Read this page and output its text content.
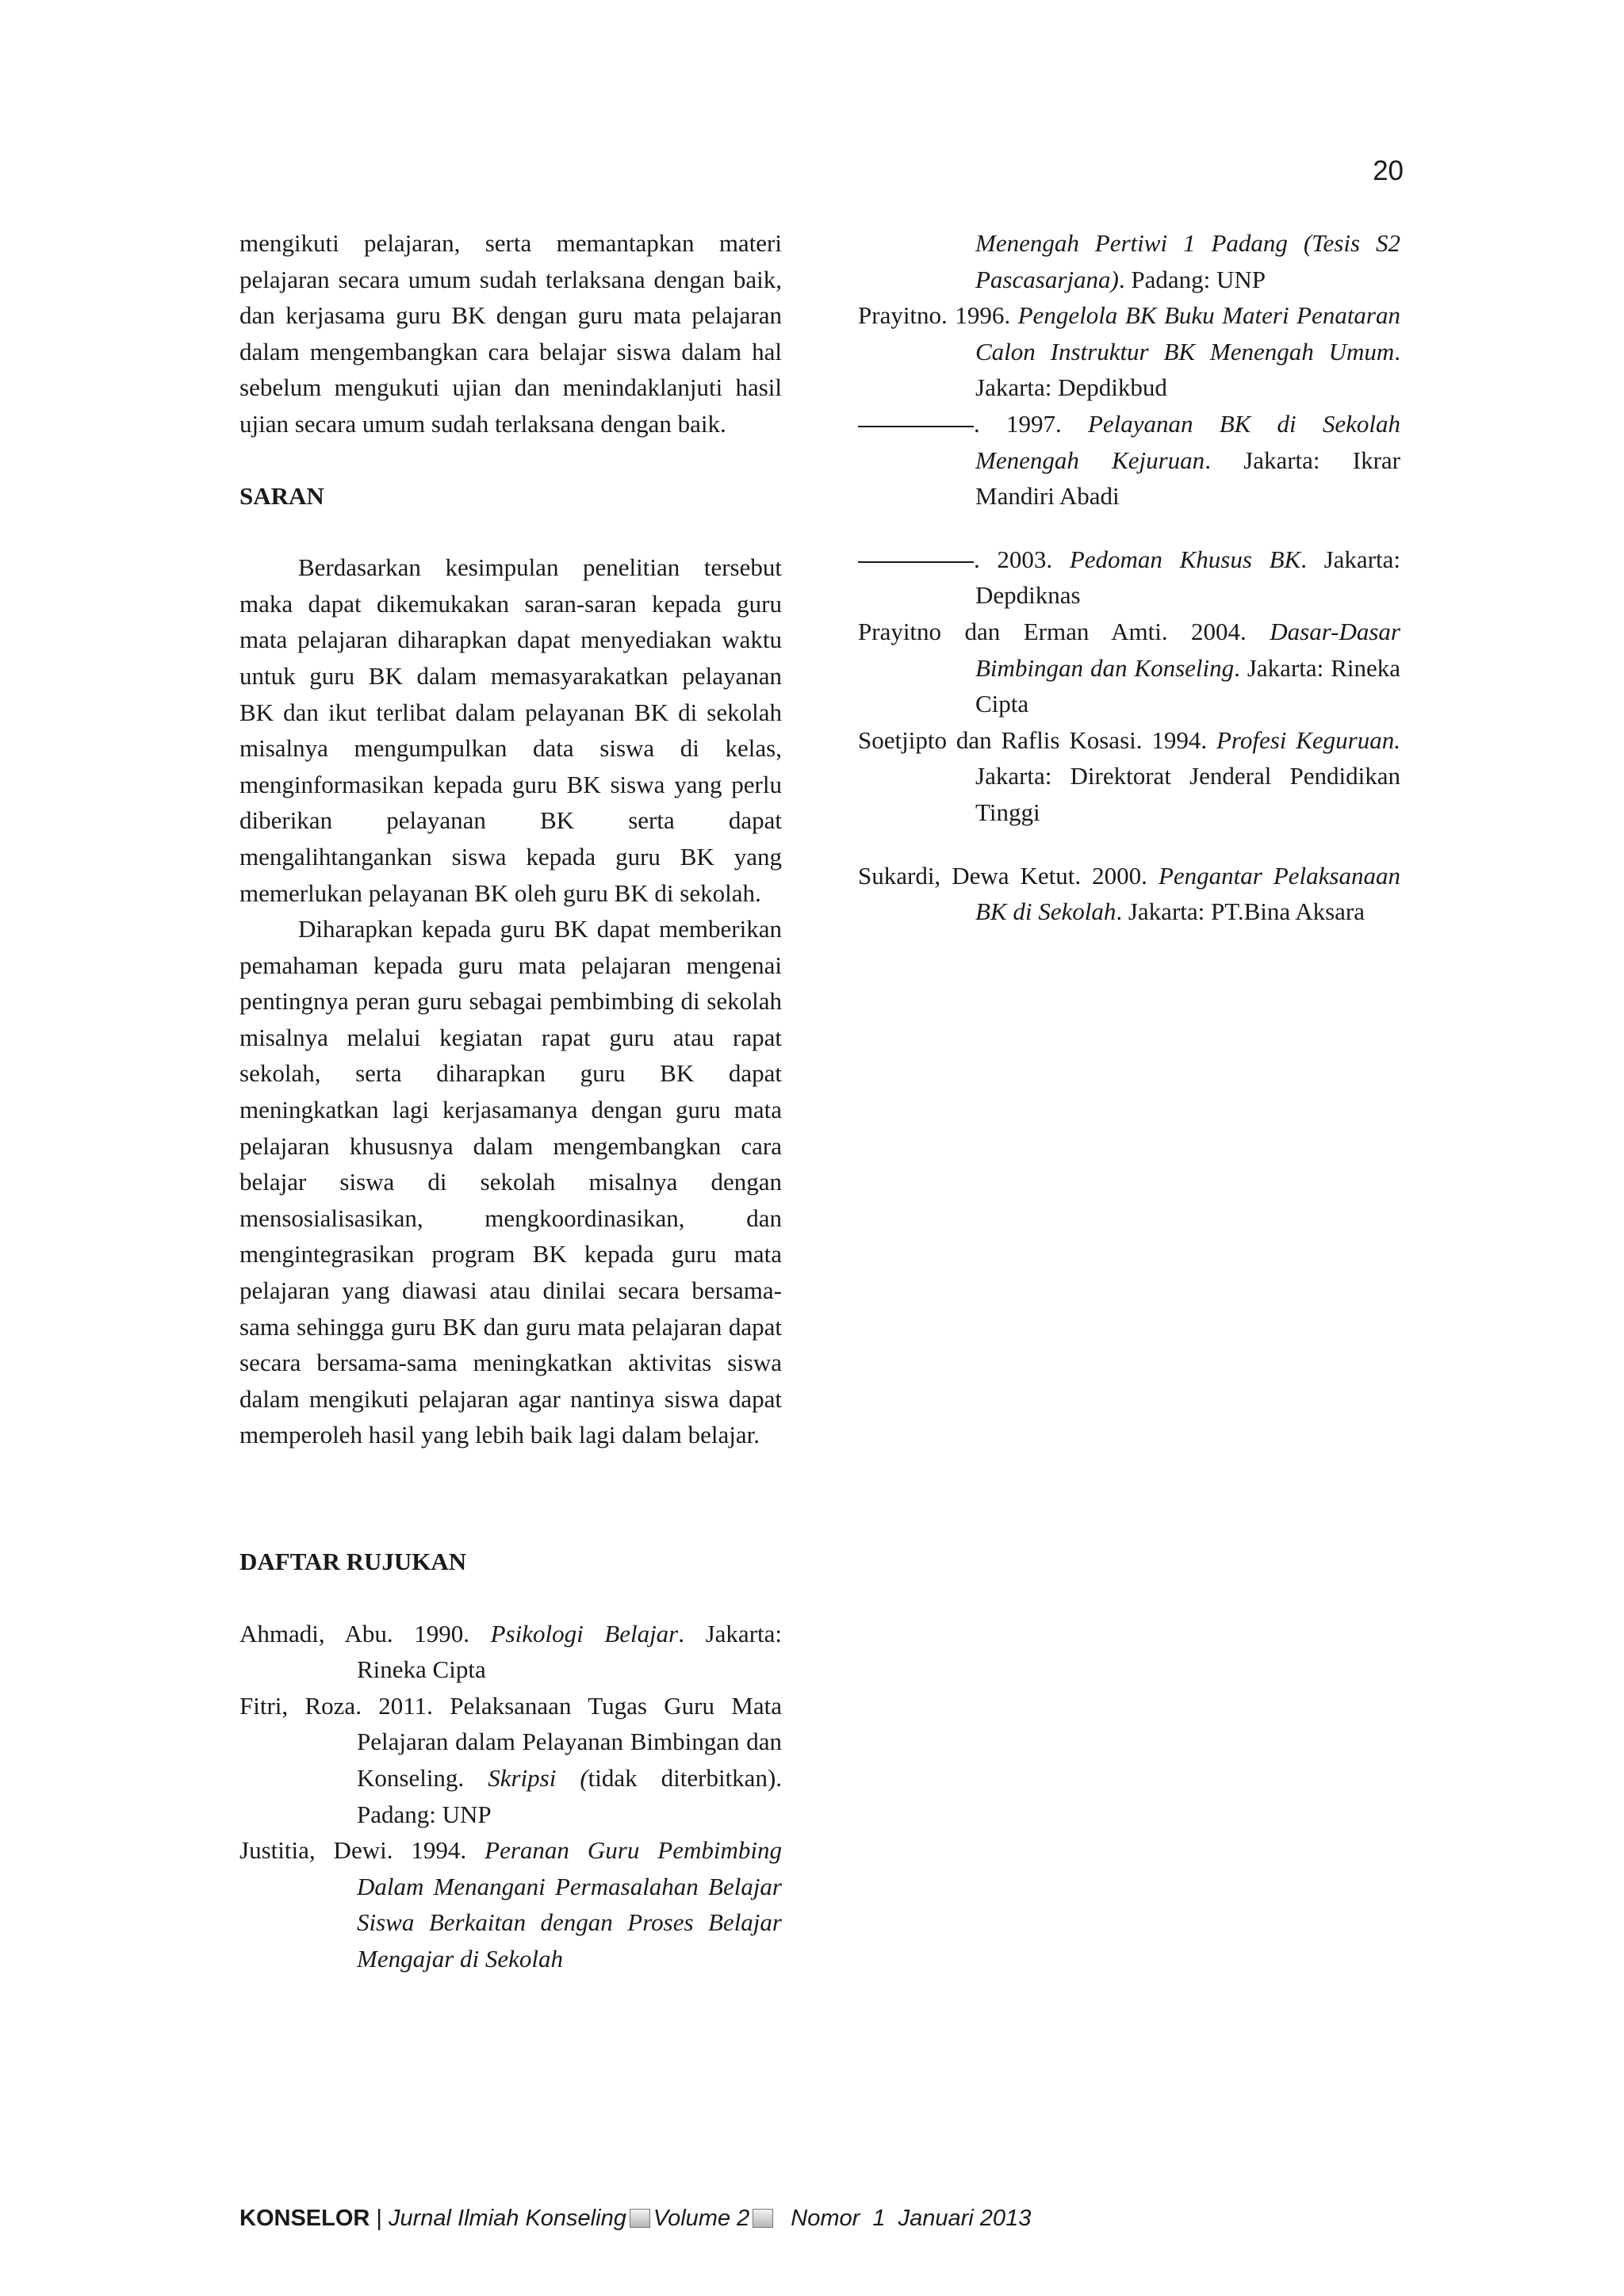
20

mengikuti pelajaran, serta memantapkan materi pelajaran secara umum sudah terlaksana dengan baik, dan kerjasama guru BK dengan guru mata pelajaran dalam mengembangkan cara belajar siswa dalam hal sebelum mengukuti ujian dan menindaklanjuti hasil ujian secara umum sudah terlaksana dengan baik.

SARAN

Berdasarkan kesimpulan penelitian tersebut maka dapat dikemukakan saran-saran kepada guru mata pelajaran diharapkan dapat menyediakan waktu untuk guru BK dalam memasyarakatkan pelayanan BK dan ikut terlibat dalam pelayanan BK di sekolah misalnya mengumpulkan data siswa di kelas, menginformasikan kepada guru BK siswa yang perlu diberikan pelayanan BK serta dapat mengalihtangankan siswa kepada guru BK yang memerlukan pelayanan BK oleh guru BK di sekolah.

Diharapkan kepada guru BK dapat memberikan pemahaman kepada guru mata pelajaran mengenai pentingnya peran guru sebagai pembimbing di sekolah misalnya melalui kegiatan rapat guru atau rapat sekolah, serta diharapkan guru BK dapat meningkatkan lagi kerjasamanya dengan guru mata pelajaran khususnya dalam mengembangkan cara belajar siswa di sekolah misalnya dengan mensosialisasikan, mengkoordinasikan, dan mengintegrasikan program BK kepada guru mata pelajaran yang diawasi atau dinilai secara bersama-sama sehingga guru BK dan guru mata pelajaran dapat secara bersama-sama meningkatkan aktivitas siswa dalam mengikuti pelajaran agar nantinya siswa dapat memperoleh hasil yang lebih baik lagi dalam belajar.

DAFTAR RUJUKAN

Ahmadi, Abu. 1990. Psikologi Belajar. Jakarta: Rineka Cipta

Fitri, Roza. 2011. Pelaksanaan Tugas Guru Mata Pelajaran dalam Pelayanan Bimbingan dan Konseling. Skripsi (tidak diterbitkan). Padang: UNP

Justitia, Dewi. 1994. Peranan Guru Pembimbing Dalam Menangani Permasalahan Belajar Siswa Berkaitan dengan Proses Belajar Mengajar di Sekolah

Menengah Pertiwi 1 Padang (Tesis S2 Pascasarjana). Padang: UNP

Prayitno. 1996. Pengelola BK Buku Materi Penataran Calon Instruktur BK Menengah Umum. Jakarta: Depdikbud

. 1997. Pelayanan BK di Sekolah Menengah Kejuruan. Jakarta: Ikrar Mandiri Abadi

. 2003. Pedoman Khusus BK. Jakarta: Depdiknas

Prayitno dan Erman Amti. 2004. Dasar-Dasar Bimbingan dan Konseling. Jakarta: Rineka Cipta

Soetjipto dan Raflis Kosasi. 1994. Profesi Keguruan. Jakarta: Direktorat Jenderal Pendidikan Tinggi

Sukardi, Dewa Ketut. 2000. Pengantar Pelaksanaan BK di Sekolah. Jakarta: PT.Bina Aksara

KONSELOR | Jurnal Ilmiah Konseling Volume 2 Nomor  1  Januari 2013
